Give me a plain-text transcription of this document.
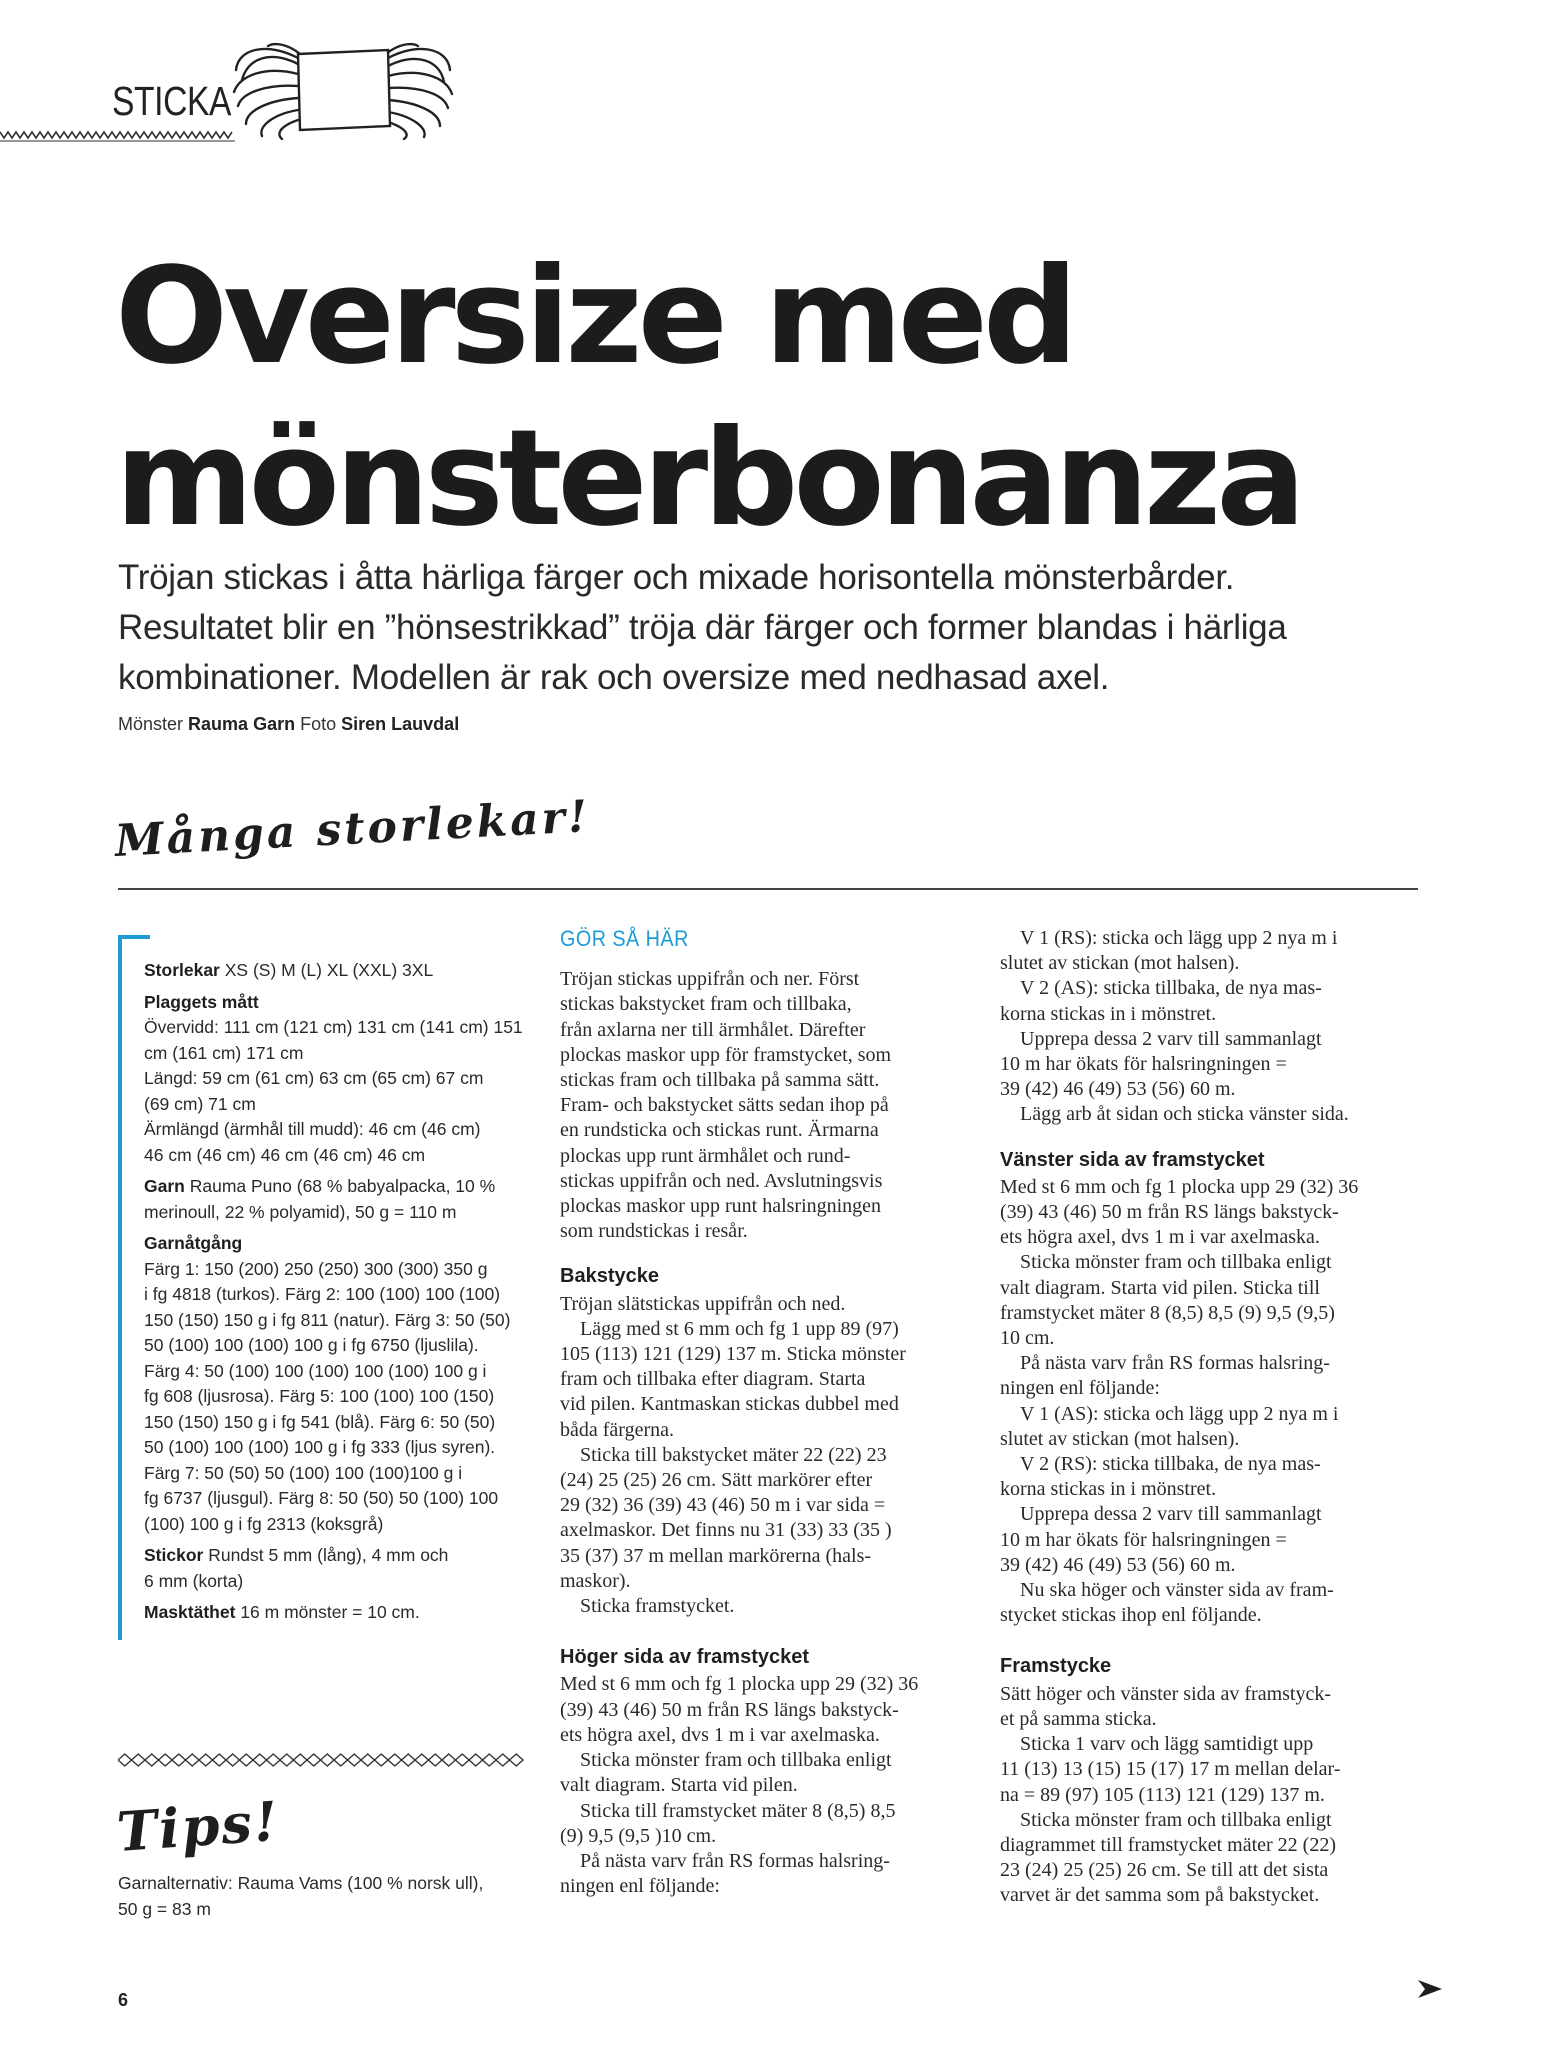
STICKA
Oversize med
mönsterbonanza
Tröjan stickas i åtta härliga färger och mixade horisontella mönsterbårder.
Resultatet blir en ”hönsestrikkad” tröja där färger och former blandas i härliga
kombinationer. Modellen är rak och oversize med nedhasad axel.
Mönster Rauma Garn Foto Siren Lauvdal
Många storlekar!
Storlekar XS (S) M (L) XL (XXL) 3XL
Plaggets mått
Övervidd: 111 cm (121 cm) 131 cm (141 cm) 151
cm (161 cm) 171 cm
Längd: 59 cm (61 cm) 63 cm (65 cm) 67 cm
(69 cm) 71 cm
Ärmlängd (ärmhål till mudd): 46 cm (46 cm)
46 cm (46 cm) 46 cm (46 cm) 46 cm
Garn Rauma Puno (68 % babyalpacka, 10 %
merinoull, 22 % polyamid), 50 g = 110 m
Garnåtgång
Färg 1: 150 (200) 250 (250) 300 (300) 350 g
i fg 4818 (turkos). Färg 2: 100 (100) 100 (100)
150 (150) 150 g i fg 811 (natur). Färg 3: 50 (50)
50 (100) 100 (100) 100 g i fg 6750 (ljuslila).
Färg 4: 50 (100) 100 (100) 100 (100) 100 g i
fg 608 (ljusrosa). Färg 5: 100 (100) 100 (150)
150 (150) 150 g i fg 541 (blå). Färg 6: 50 (50)
50 (100) 100 (100) 100 g i fg 333 (ljus syren).
Färg 7: 50 (50) 50 (100) 100 (100)100 g i
fg 6737 (ljusgul). Färg 8: 50 (50) 50 (100) 100
(100) 100 g i fg 2313 (koksgrå)
Stickor Rundst 5 mm (lång), 4 mm och
6 mm (korta)
Masktäthet 16 m mönster = 10 cm.
Tips!
Garnalternativ: Rauma Vams (100 % norsk ull),
50 g = 83 m
6
GÖR SÅ HÄR
Tröjan stickas uppifrån och ner. Först
stickas bakstycket fram och tillbaka,
från axlarna ner till ärmhålet. Därefter
plockas maskor upp för framstycket, som
stickas fram och tillbaka på samma sätt.
Fram- och bakstycket sätts sedan ihop på
en rundsticka och stickas runt. Ärmarna
plockas upp runt ärmhålet och rund-
stickas uppifrån och ned. Avslutningsvis
plockas maskor upp runt halsringningen
som rundstickas i resår.
Bakstycke
Tröjan slätstickas uppifrån och ned.
Lägg med st 6 mm och fg 1 upp 89 (97)
105 (113) 121 (129) 137 m. Sticka mönster
fram och tillbaka efter diagram. Starta
vid pilen. Kantmaskan stickas dubbel med
båda färgerna.
Sticka till bakstycket mäter 22 (22) 23
(24) 25 (25) 26 cm. Sätt markörer efter
29 (32) 36 (39) 43 (46) 50 m i var sida =
axelmaskor. Det finns nu 31 (33) 33 (35 )
35 (37) 37 m mellan markörerna (hals-
maskor).
Sticka framstycket.
Höger sida av framstycket
Med st 6 mm och fg 1 plocka upp 29 (32) 36
(39) 43 (46) 50 m från RS längs bakstyck-
ets högra axel, dvs 1 m i var axelmaska.
Sticka mönster fram och tillbaka enligt
valt diagram. Starta vid pilen.
Sticka till framstycket mäter 8 (8,5) 8,5
(9) 9,5 (9,5 )10 cm.
På nästa varv från RS formas halsring-
ningen enl följande:
V 1 (RS): sticka och lägg upp 2 nya m i
slutet av stickan (mot halsen).
V 2 (AS): sticka tillbaka, de nya mas-
korna stickas in i mönstret.
Upprepa dessa 2 varv till sammanlagt
10 m har ökats för halsringningen =
39 (42) 46 (49) 53 (56) 60 m.
Lägg arb åt sidan och sticka vänster sida.
Vänster sida av framstycket
Med st 6 mm och fg 1 plocka upp 29 (32) 36
(39) 43 (46) 50 m från RS längs bakstyck-
ets högra axel, dvs 1 m i var axelmaska.
Sticka mönster fram och tillbaka enligt
valt diagram. Starta vid pilen. Sticka till
framstycket mäter 8 (8,5) 8,5 (9) 9,5 (9,5)
10 cm.
På nästa varv från RS formas halsring-
ningen enl följande:
V 1 (AS): sticka och lägg upp 2 nya m i
slutet av stickan (mot halsen).
V 2 (RS): sticka tillbaka, de nya mas-
korna stickas in i mönstret.
Upprepa dessa 2 varv till sammanlagt
10 m har ökats för halsringningen =
39 (42) 46 (49) 53 (56) 60 m.
Nu ska höger och vänster sida av fram-
stycket stickas ihop enl följande.
Framstycke
Sätt höger och vänster sida av framstyck-
et på samma sticka.
Sticka 1 varv och lägg samtidigt upp
11 (13) 13 (15) 15 (17) 17 m mellan delar-
na = 89 (97) 105 (113) 121 (129) 137 m.
Sticka mönster fram och tillbaka enligt
diagrammet till framstycket mäter 22 (22)
23 (24) 25 (25) 26 cm. Se till att det sista
varvet är det samma som på bakstycket.
